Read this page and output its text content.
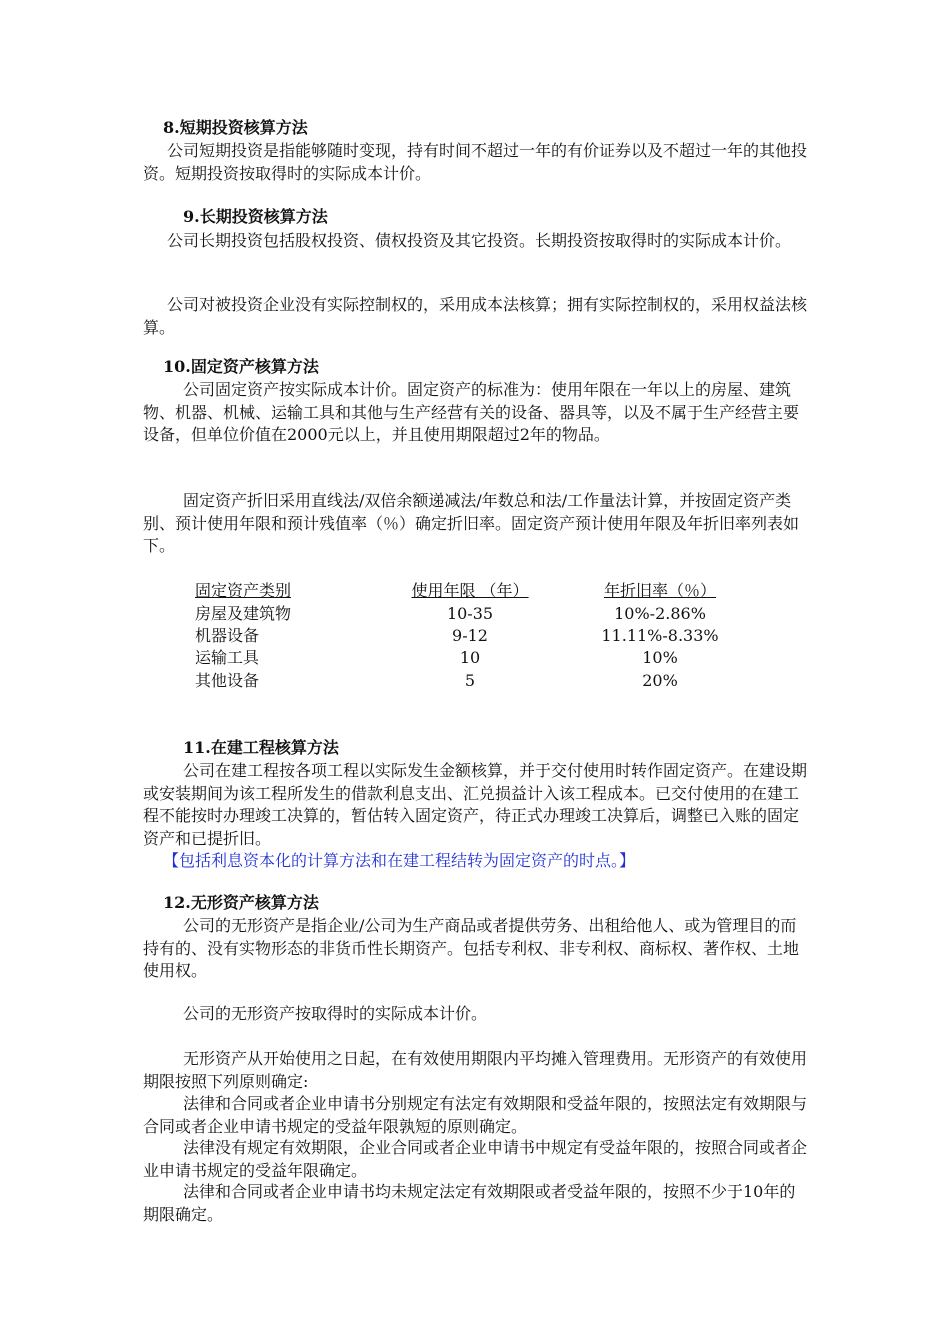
8.短期投资核算方法
公司短期投资是指能够随时变现，持有时间不超过一年的有价证券以及不超过一年的其他投资。短期投资按取得时的实际成本计价。
9.长期投资核算方法
公司长期投资包括股权投资、债权投资及其它投资。长期投资按取得时的实际成本计价。
公司对被投资企业没有实际控制权的，采用成本法核算；拥有实际控制权的，采用权益法核算。
10.固定资产核算方法
公司固定资产按实际成本计价。固定资产的标准为：使用年限在一年以上的房屋、建筑物、机器、机械、运输工具和其他与生产经营有关的设备、器具等，以及不属于生产经营主要设备，但单位价值在2000元以上，并且使用期限超过2年的物品。
固定资产折旧采用直线法/双倍余额递减法/年数总和法/工作量法计算，并按固定资产类别、预计使用年限和预计残值率（％）确定折旧率。固定资产预计使用年限及年折旧率列表如下。
固定资产类别	使用年限 （年）	年折旧率（％）
房屋及建筑物	10-35	10%-2.86%
机器设备	9-12	11.11%-8.33%
运输工具	10	10%
其他设备	5	20%
11.在建工程核算方法
公司在建工程按各项工程以实际发生金额核算，并于交付使用时转作固定资产。在建设期或安装期间为该工程所发生的借款利息支出、汇兑损益计入该工程成本。已交付使用的在建工程不能按时办理竣工决算的，暂估转入固定资产，待正式办理竣工决算后，调整已入账的固定资产和已提折旧。
【包括利息资本化的计算方法和在建工程结转为固定资产的时点。】
12.无形资产核算方法
公司的无形资产是指企业/公司为生产商品或者提供劳务、出租给他人、或为管理目的而持有的、没有实物形态的非货币性长期资产。包括专利权、非专利权、商标权、著作权、土地使用权。
公司的无形资产按取得时的实际成本计价。
无形资产从开始使用之日起，在有效使用期限内平均摊入管理费用。无形资产的有效使用期限按照下列原则确定:
法律和合同或者企业申请书分别规定有法定有效期限和受益年限的，按照法定有效期限与合同或者企业申请书规定的受益年限孰短的原则确定。
法律没有规定有效期限，企业合同或者企业申请书中规定有受益年限的，按照合同或者企业申请书规定的受益年限确定。
法律和合同或者企业申请书均未规定法定有效期限或者受益年限的，按照不少于10年的期限确定。
